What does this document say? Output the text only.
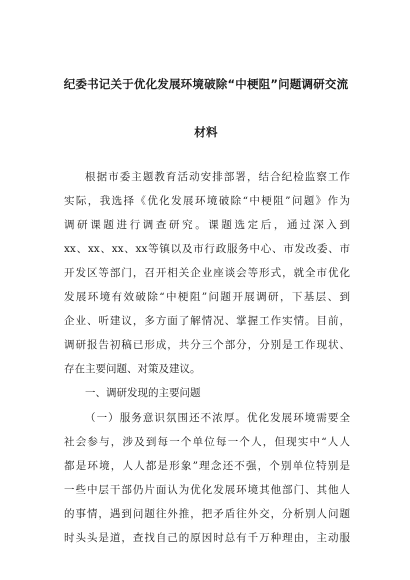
纪委书记关于优化发展环境破除“中梗阻”问题调研交流
材料
根据市委主题教育活动安排部署，结合纪检监察工作
实际，我选择《优化发展环境破除“中梗阻”问题》作为
调研课题进行调查研究。课题选定后，通过深入到
xx、xx、xx、xx等镇以及市行政服务中心、市发改委、市
开发区等部门，召开相关企业座谈会等形式，就全市优化
发展环境有效破除“中梗阻”问题开展调研，下基层、到
企业、听建议，多方面了解情况、掌握工作实情。目前，
调研报告初稿已形成，共分三个部分，分别是工作现状、
存在主要问题、对策及建议。
一、调研发现的主要问题
（一）服务意识氛围还不浓厚。优化发展环境需要全
社会参与，涉及到每一个单位每一个人，但现实中“人人
都是环境，人人都是形象”理念还不强，个别单位特别是
一些中层干部仍片面认为优化发展环境其他部门、其他人
的事情，遇到问题往外推，把矛盾往外交，分析别人问题
时头头是道，查找自己的原因时总有千万种理由，主动服
